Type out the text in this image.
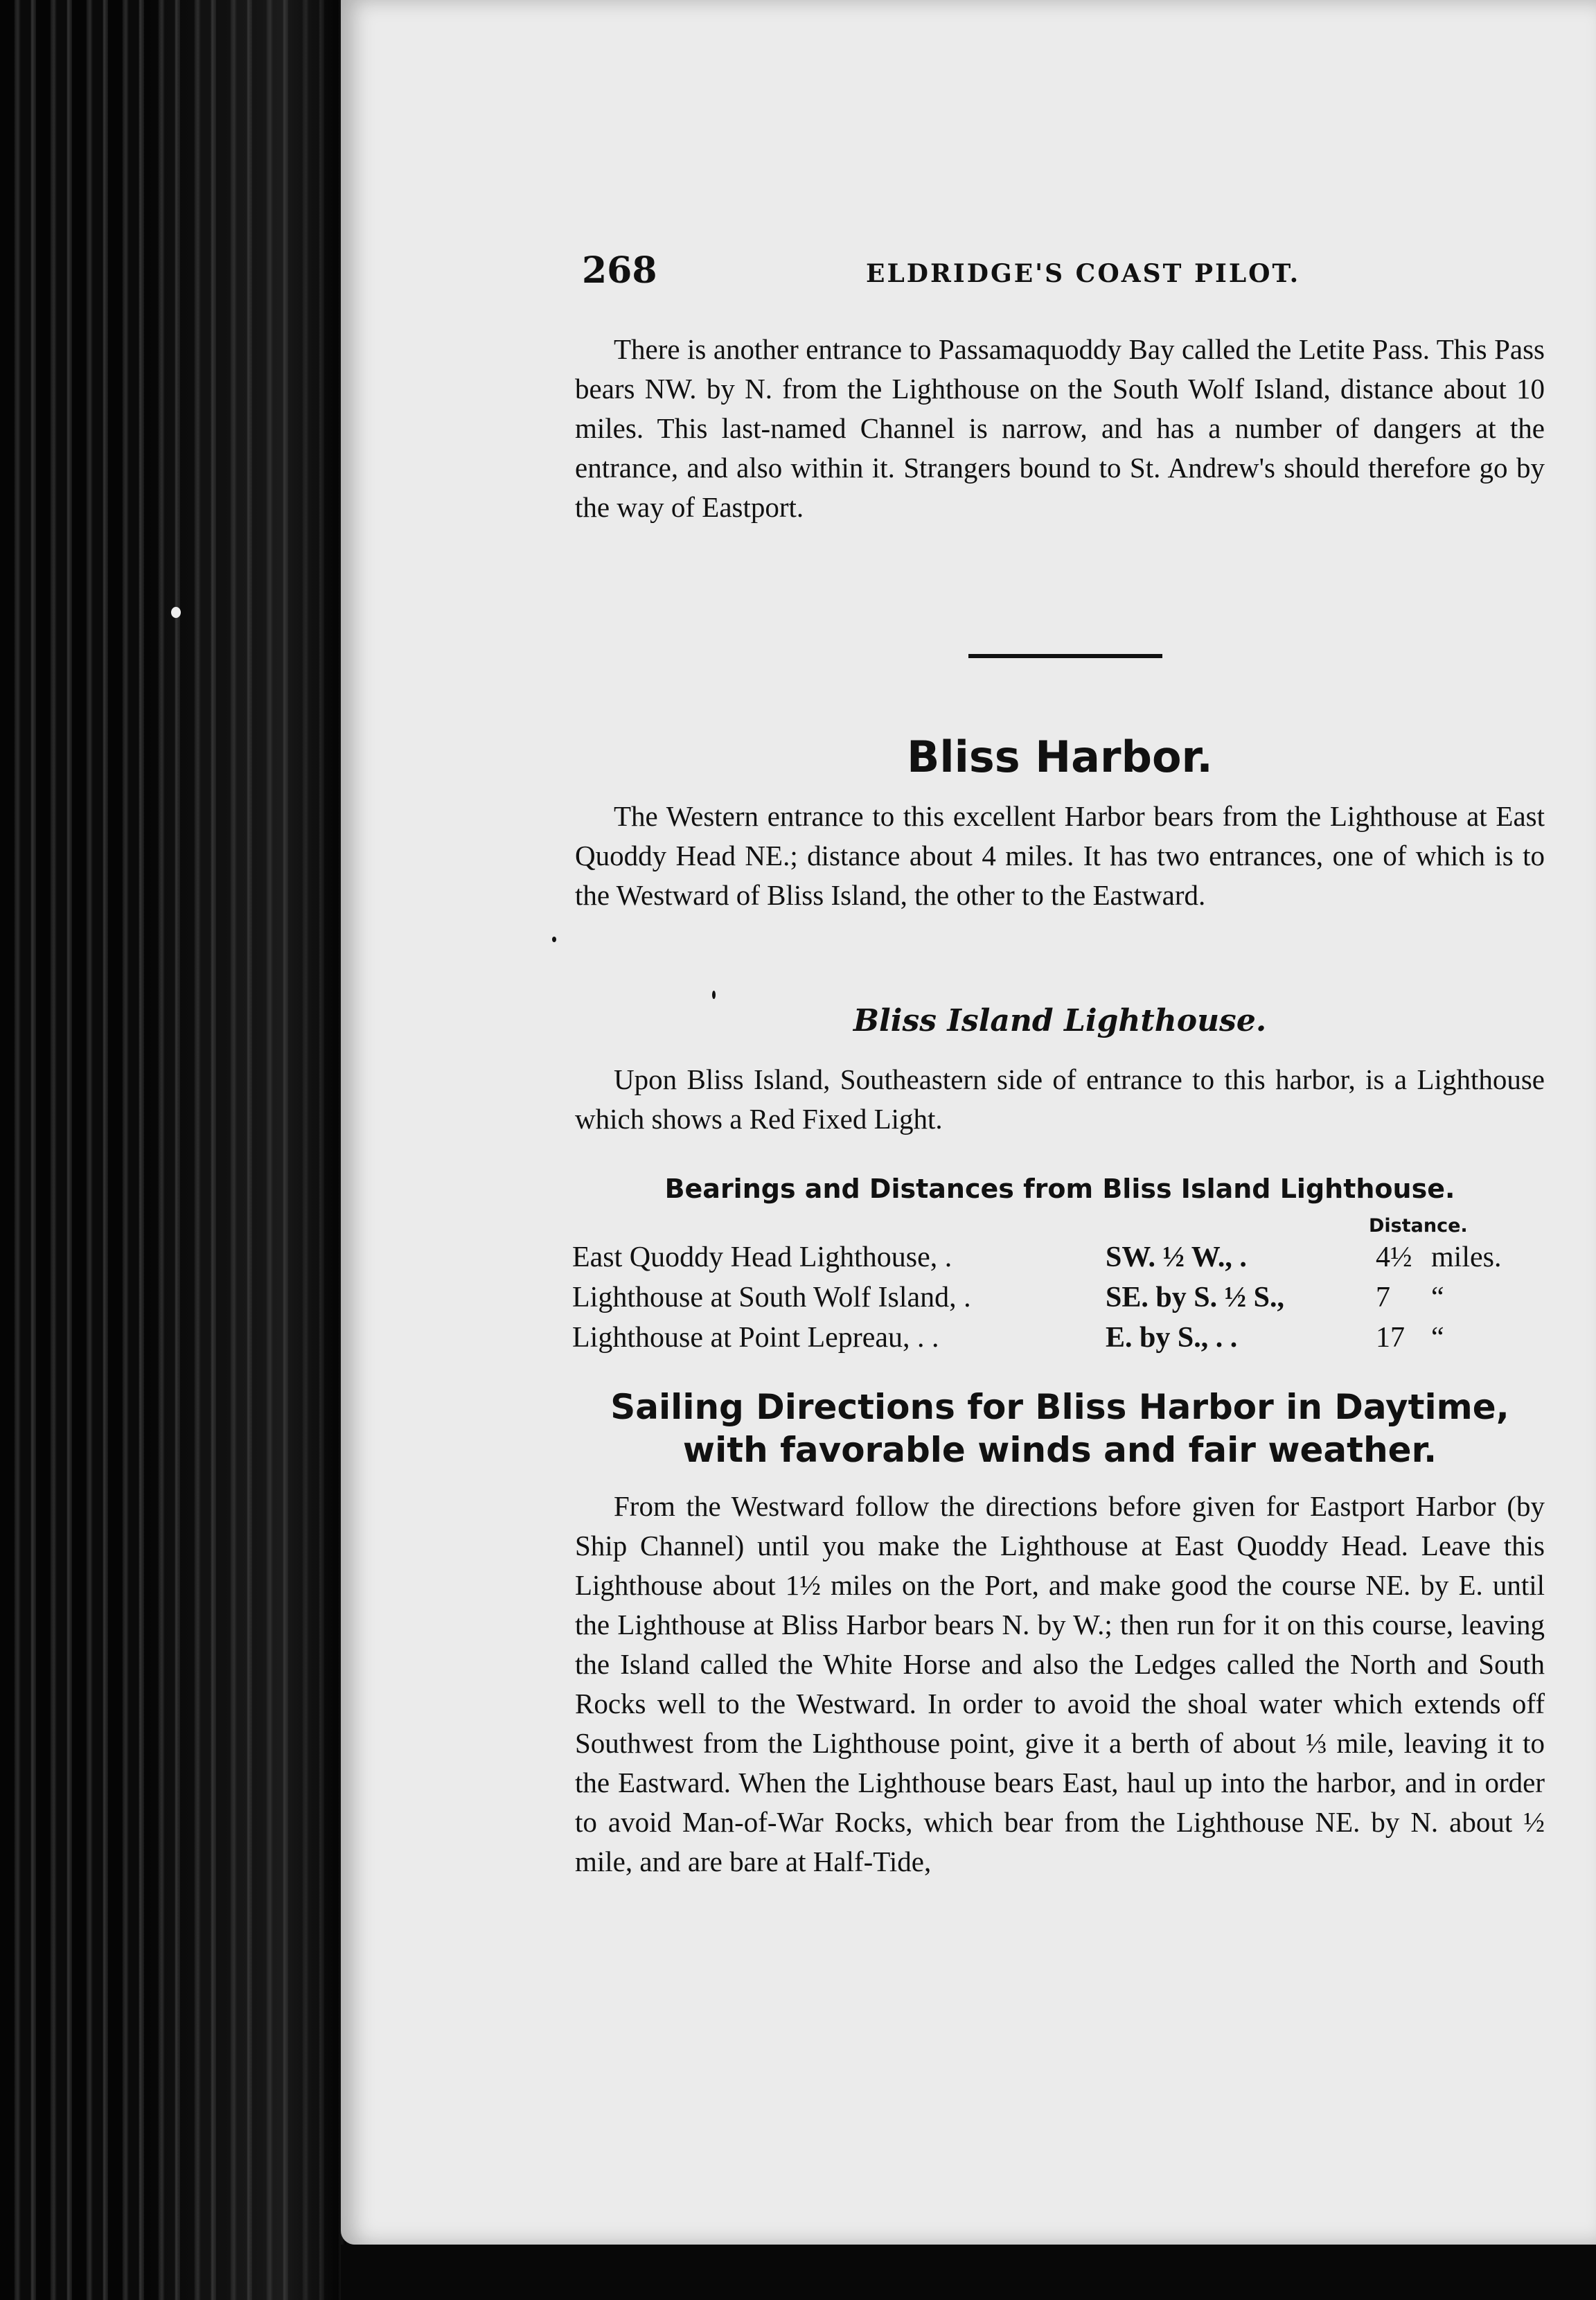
268	ELDRIDGE'S COAST PILOT.

There is another entrance to Passamaquoddy Bay called the Letite Pass. This Pass bears NW. by N. from the Lighthouse on the South Wolf Island, distance about 10 miles. This last-named Channel is narrow, and has a number of dangers at the entrance, and also within it. Strangers bound to St. Andrew's should therefore go by the way of Eastport.

Bliss Harbor.

The Western entrance to this excellent Harbor bears from the Lighthouse at East Quoddy Head NE.; distance about 4 miles. It has two entrances, one of which is to the Westward of Bliss Island, the other to the Eastward.

Bliss Island Lighthouse.

Upon Bliss Island, Southeastern side of entrance to this harbor, is a Lighthouse which shows a Red Fixed Light.

Bearings and Distances from Bliss Island Lighthouse.
Distance.
East Quoddy Head Lighthouse, .	SW. ½ W., .	4½	miles.
Lighthouse at South Wolf Island, .	SE. by S. ½ S.,	7	“
Lighthouse at Point Lepreau, . .	E. by S., . .	17	“
Sailing Directions for Bliss Harbor in Daytime,
with favorable winds and fair weather.

From the Westward follow the directions before given for Eastport Harbor (by Ship Channel) until you make the Lighthouse at East Quoddy Head. Leave this Lighthouse about 1½ miles on the Port, and make good the course NE. by E. until the Lighthouse at Bliss Harbor bears N. by W.; then run for it on this course, leaving the Island called the White Horse and also the Ledges called the North and South Rocks well to the Westward. In order to avoid the shoal water which extends off Southwest from the Lighthouse point, give it a berth of about ⅓ mile, leaving it to the Eastward. When the Lighthouse bears East, haul up into the harbor, and in order to avoid Man-of-War Rocks, which bear from the Lighthouse NE. by N. about ½ mile, and are bare at Half-Tide,
